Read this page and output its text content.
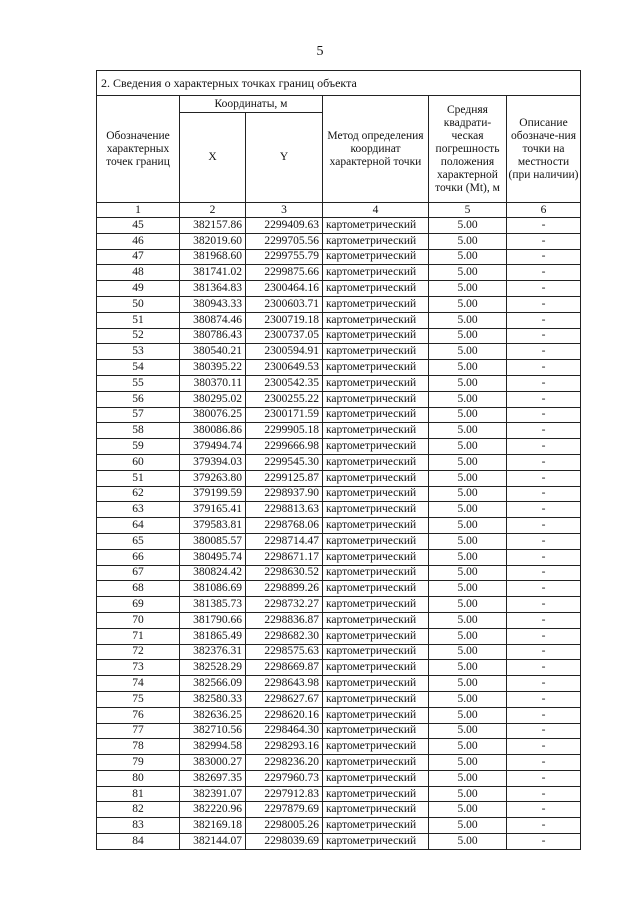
5
2. Сведения о характерных точках границ объекта					
Обозначение характерных точек границ	Координаты, м		Метод определения координат характерной точки	Средняя квадрати-ческая погрешность положения характерной точки (Mt), м	Описание обозначе-ния точки на местности (при наличии)
	X	Y			
1	2	3	4	5	6
45	382157.86	2299409.63	картометрический	5.00	-
46	382019.60	2299705.56	картометрический	5.00	-
47	381968.60	2299755.79	картометрический	5.00	-
48	381741.02	2299875.66	картометрический	5.00	-
49	381364.83	2300464.16	картометрический	5.00	-
50	380943.33	2300603.71	картометрический	5.00	-
51	380874.46	2300719.18	картометрический	5.00	-
52	380786.43	2300737.05	картометрический	5.00	-
53	380540.21	2300594.91	картометрический	5.00	-
54	380395.22	2300649.53	картометрический	5.00	-
55	380370.11	2300542.35	картометрический	5.00	-
56	380295.02	2300255.22	картометрический	5.00	-
57	380076.25	2300171.59	картометрический	5.00	-
58	380086.86	2299905.18	картометрический	5.00	-
59	379494.74	2299666.98	картометрический	5.00	-
60	379394.03	2299545.30	картометрический	5.00	-
51	379263.80	2299125.87	картометрический	5.00	-
62	379199.59	2298937.90	картометрический	5.00	-
63	379165.41	2298813.63	картометрический	5.00	-
64	379583.81	2298768.06	картометрический	5.00	-
65	380085.57	2298714.47	картометрический	5.00	-
66	380495.74	2298671.17	картометрический	5.00	-
67	380824.42	2298630.52	картометрический	5.00	-
68	381086.69	2298899.26	картометрический	5.00	-
69	381385.73	2298732.27	картометрический	5.00	-
70	381790.66	2298836.87	картометрический	5.00	-
71	381865.49	2298682.30	картометрический	5.00	-
72	382376.31	2298575.63	картометрический	5.00	-
73	382528.29	2298669.87	картометрический	5.00	-
74	382566.09	2298643.98	картометрический	5.00	-
75	382580.33	2298627.67	картометрический	5.00	-
76	382636.25	2298620.16	картометрический	5.00	-
77	382710.56	2298464.30	картометрический	5.00	-
78	382994.58	2298293.16	картометрический	5.00	-
79	383000.27	2298236.20	картометрический	5.00	-
80	382697.35	2297960.73	картометрический	5.00	-
81	382391.07	2297912.83	картометрический	5.00	-
82	382220.96	2297879.69	картометрический	5.00	-
83	382169.18	2298005.26	картометрический	5.00	-
84	382144.07	2298039.69	картометрический	5.00	-
